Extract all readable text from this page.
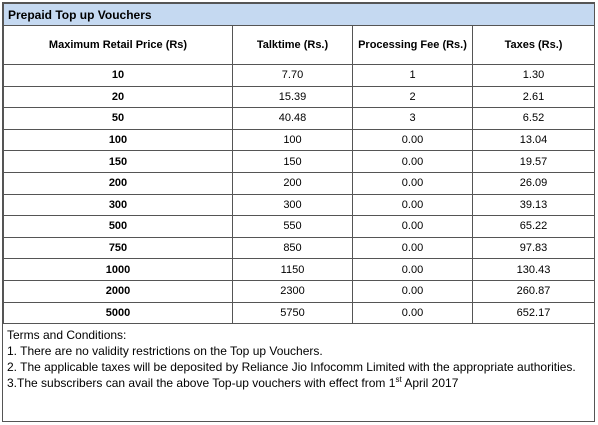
Prepaid Top up Vouchers			
Maximum Retail Price (Rs)	Talktime (Rs.)	Processing Fee (Rs.)	Taxes (Rs.)
10	7.70	1	1.30
20	15.39	2	2.61
50	40.48	3	6.52
100	100	0.00	13.04
150	150	0.00	19.57
200	200	0.00	26.09
300	300	0.00	39.13
500	550	0.00	65.22
750	850	0.00	97.83
1000	1150	0.00	130.43
2000	2300	0.00	260.87
5000	5750	0.00	652.17
Terms and Conditions:
1. There are no validity restrictions on the Top up Vouchers.
2. The applicable taxes will be deposited by Reliance Jio Infocomm Limited with the appropriate authorities.
3.The subscribers can avail the above Top-up vouchers with effect from 1st April 2017
